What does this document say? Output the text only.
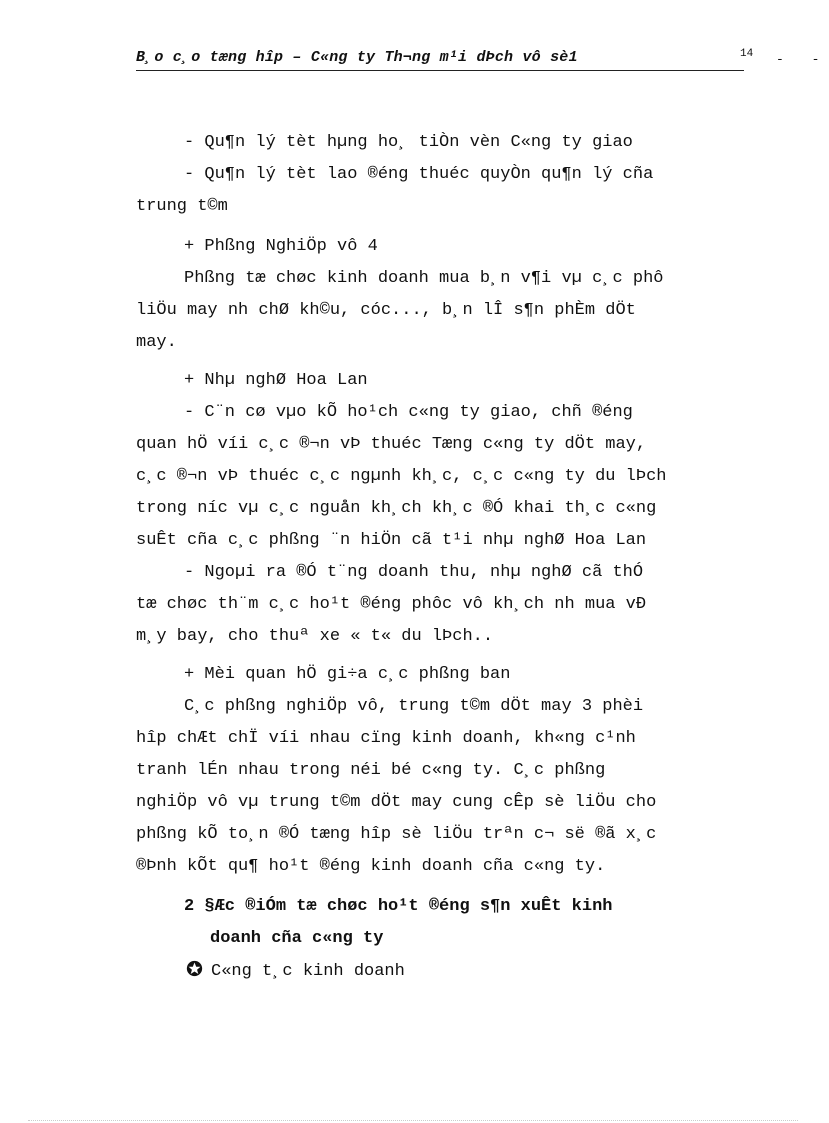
B¸o c¸o tæng hîp – C«ng ty Th¬ng m¹i dÞch vô sè1	14 - -
- Qu¶n lý tèt hµng ho¸ tiÒn vèn C«ng ty giao
- Qu¶n lý tèt lao ®éng thuéc quyÒn qu¶n lý cña
trung t©m
+ Phßng NghiÖp vô 4
Phßng tæ chøc kinh doanh mua b¸n v¶i vµ c¸c phô
liÖu may nh chØ kh©u, cóc..., b¸n lÎ s¶n phÈm dÖt
may.
+ Nhµ nghØ Hoa Lan
- C¨n cø vµo kÕ ho¹ch c«ng ty giao, chñ ®éng
quan hÖ víi c¸c ®¬n vÞ thuéc Tæng c«ng ty dÖt may,
c¸c ®¬n vÞ thuéc c¸c ngµnh kh¸c, c¸c c«ng ty du lÞch
trong níc vµ c¸c nguån kh¸ch kh¸c ®Ó khai th¸c c«ng
suÊt cña c¸c phßng ¨n hiÖn cã t¹i nhµ nghØ Hoa Lan
- Ngoµi ra ®Ó t¨ng doanh thu, nhµ nghØ cã thÓ
tæ chøc th¨m c¸c ho¹t ®éng phôc vô kh¸ch nh mua vÐ
m¸y bay, cho thuª xe « t« du lÞch..
+ Mèi quan hÖ gi÷a c¸c phßng ban
C¸c phßng nghiÖp vô, trung t©m dÖt may 3 phèi
hîp chÆt chÏ víi nhau cïng kinh doanh, kh«ng c¹nh
tranh lÉn nhau trong néi bé c«ng ty. C¸c phßng
nghiÖp vô vµ trung t©m dÖt may cung cÊp sè liÖu cho
phßng kÕ to¸n ®Ó tæng hîp sè liÖu trªn c¬ së ®ã x¸c
®Þnh kÕt qu¶ ho¹t ®éng kinh doanh cña c«ng ty.
2 §Æc ®iÓm tæ chøc ho¹t ®éng s¶n xuÊt kinh
doanh cña c«ng ty
C«ng t¸c kinh doanh
